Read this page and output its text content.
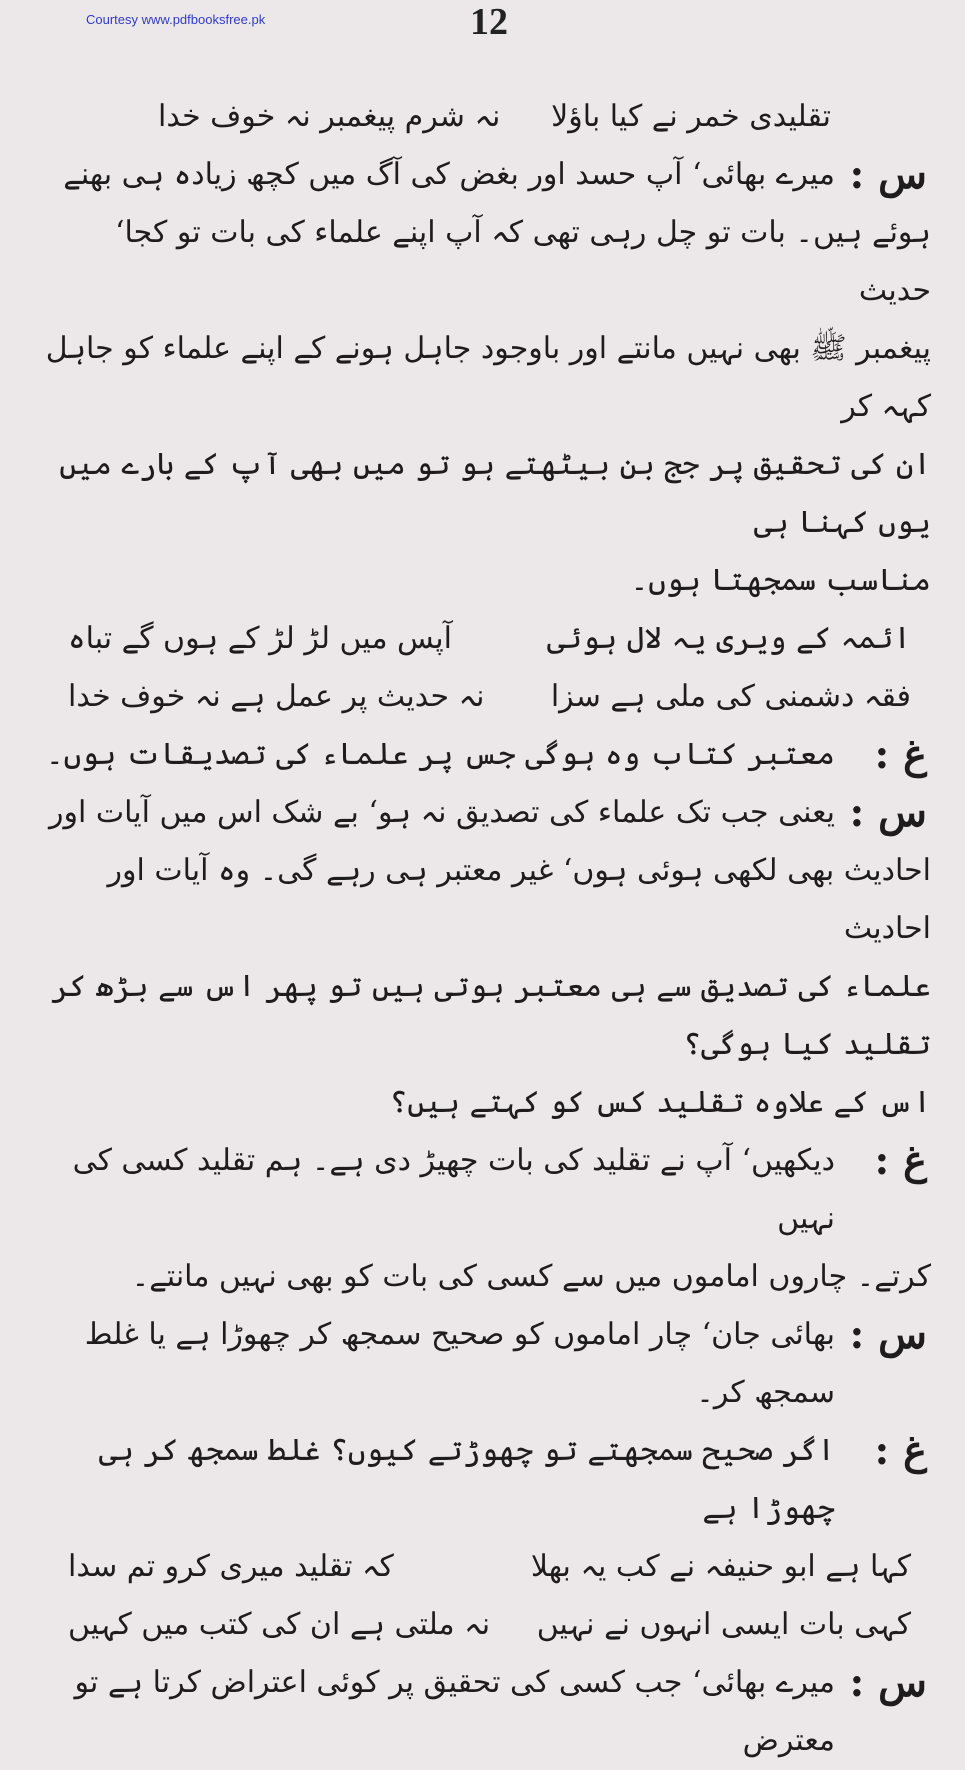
Courtesy www.pdfbooksfree.pk	12
تقلیدی خمر نے کیا باؤلا
نہ شرم پیغمبر نہ خوف خدا
س :

میرے بھائی‘ آپ حسد اور بغض کی آگ میں کچھ زیادہ ہی بھنے

ہوئے ہیں۔ بات تو چل رہی تھی کہ آپ اپنے علماء کی بات تو کجا‘ حدیث

پیغمبر ﷺ بھی نہیں مانتے اور باوجود جاہل ہونے کے اپنے علماء کو جاہل کہہ کر

ان کی تحقیق پر جج بن بیٹھتے ہو تو میں بھی آپ کے بارے میں یوں کہنا ہی

مناسب سمجھتا ہوں۔

ائمہ کے ویری یہ لال ہوئی
آپس میں لڑ لڑ کے ہوں گے تباہ
فقہ دشمنی کی ملی ہے سزا
نہ حدیث پر عمل ہے نہ خوف خدا
غ :

معتبر کتاب وہ ہوگی جس پر علماء کی تصدیقات ہوں۔

س :

یعنی جب تک علماء کی تصدیق نہ ہو‘ بے شک اس میں آیات اور

احادیث بھی لکھی ہوئی ہوں‘ غیر معتبر ہی رہے گی۔ وہ آیات اور احادیث

علماء کی تصدیق سے ہی معتبر ہوتی ہیں تو پھر اس سے بڑھ کر تقلید کیا ہوگی؟

اس کے علاوہ تقلید کس کو کہتے ہیں؟

غ :

دیکھیں‘ آپ نے تقلید کی بات چھیڑ دی ہے۔ ہم تقلید کسی کی نہیں

کرتے۔ چاروں اماموں میں سے کسی کی بات کو بھی نہیں مانتے۔

س :

بھائی جان‘ چار اماموں کو صحیح سمجھ کر چھوڑا ہے یا غلط سمجھ کر۔

غ :

اگر صحیح سمجھتے تو چھوڑتے کیوں؟ غلط سمجھ کر ہی چھوڑا ہے

کہا ہے ابو حنیفہ نے کب یہ بھلا
کہ تقلید میری کرو تم سدا
کہی بات ایسی انہوں نے نہیں
نہ ملتی ہے ان کی کتب میں کہیں
س :

میرے بھائی‘ جب کسی کی تحقیق پر کوئی اعتراض کرتا ہے تو معترض
